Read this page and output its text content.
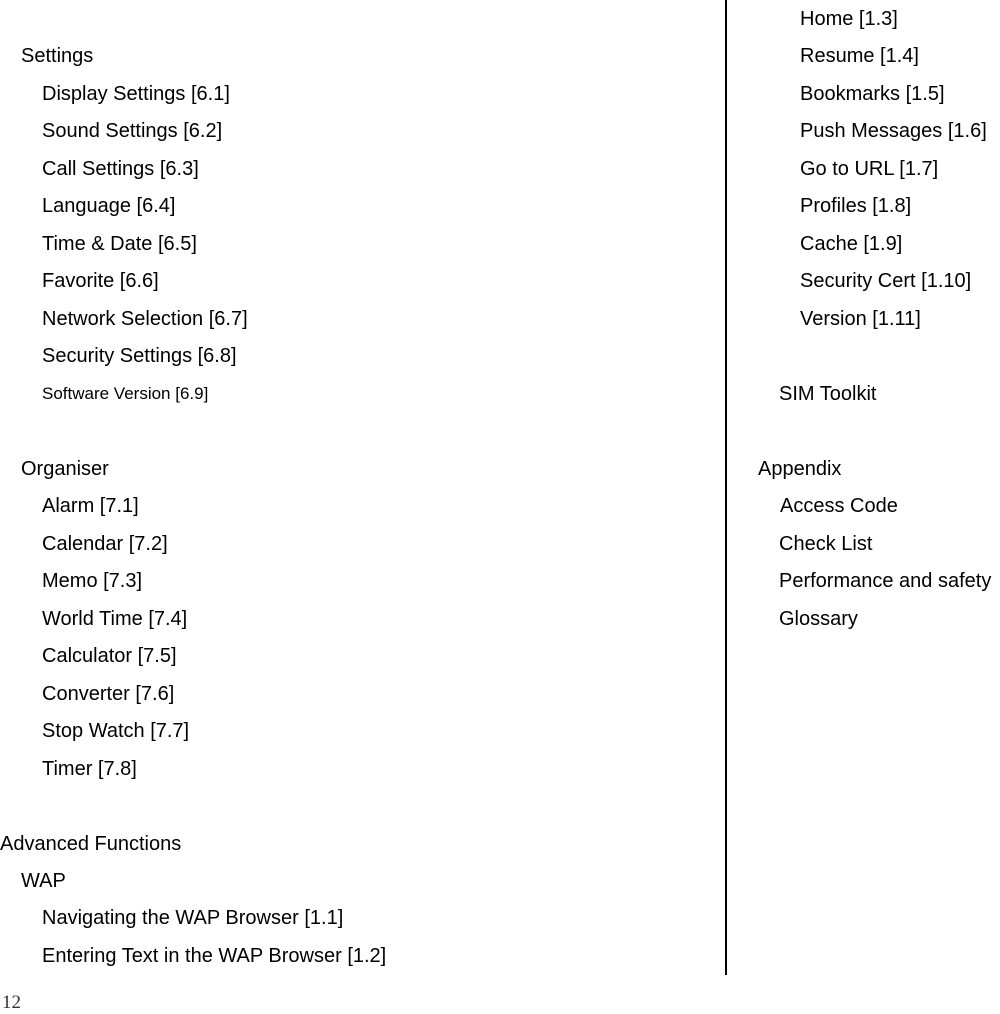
Settings
Display Settings [6.1]
Sound Settings [6.2]
Call Settings [6.3]
Language [6.4]
Time & Date [6.5]
Favorite [6.6]
Network Selection [6.7]
Security Settings [6.8]
Software Version [6.9]
Organiser
Alarm [7.1]
Calendar [7.2]
Memo [7.3]
World Time [7.4]
Calculator [7.5]
Converter [7.6]
Stop Watch [7.7]
Timer [7.8]
Advanced Functions
WAP
Navigating the WAP Browser [1.1]
Entering Text in the WAP Browser [1.2]
Home [1.3]
Resume [1.4]
Bookmarks [1.5]
Push Messages [1.6]
Go to URL [1.7]
Profiles [1.8]
Cache [1.9]
Security Cert [1.10]
Version [1.11]
SIM Toolkit
Appendix
Access Code
Check List
Performance and safety
Glossary
12
